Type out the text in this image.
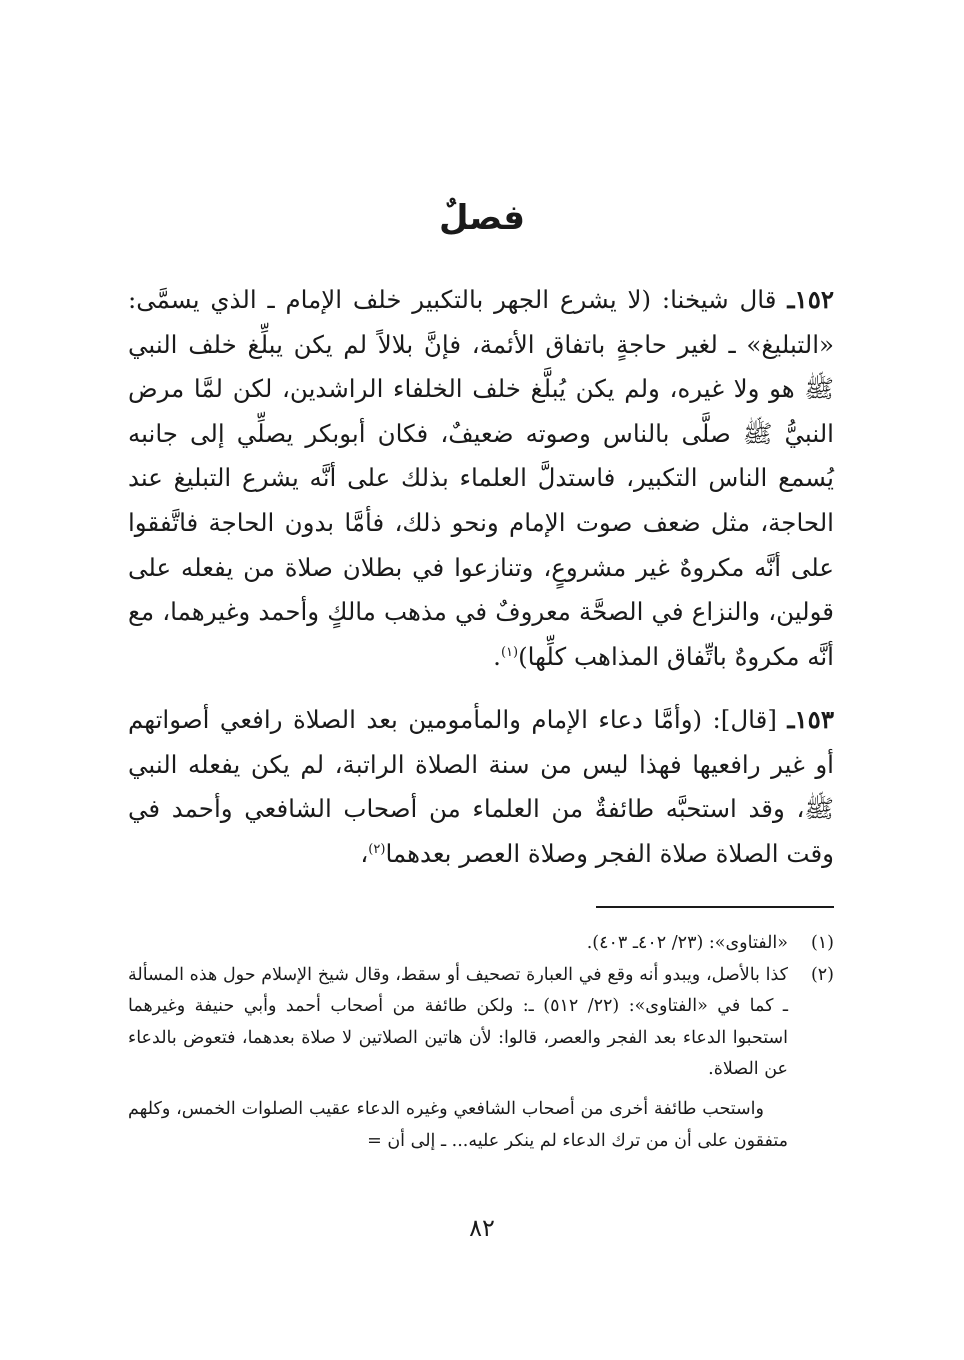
فصلٌ

١٥٢ـ قال شيخنا: (لا يشرع الجهر بالتكبير خلف الإمام ـ الذي يسمَّى: «التبليغ» ـ لغير حاجةٍ باتفاق الأئمة، فإنَّ بلالاً لم يكن يبلِّغ خلف النبي ﷺ هو ولا غيره، ولم يكن يُبلَّغ خلف الخلفاء الراشدين، لكن لمَّا مرض النبيُّ ﷺ صلَّى بالناس وصوته ضعيفٌ، فكان أبوبكر يصلِّي إلى جانبه يُسمع الناس التكبير، فاستدلَّ العلماء بذلك على أنَّه يشرع التبليغ عند الحاجة، مثل ضعف صوت الإمام ونحو ذلك، فأمَّا بدون الحاجة فاتَّفقوا على أنَّه مكروهٌ غير مشروعٍ، وتنازعوا في بطلان صلاة من يفعله على قولين، والنزاع في الصحَّة معروفٌ في مذهب مالكٍ وأحمد وغيرهما، مع أنَّه مكروهٌ باتِّفاق المذاهب كلِّها)$^{(١)}$.

١٥٣ـ [قال]: (وأمَّا دعاء الإمام والمأمومين بعد الصلاة رافعي أصواتهم أو غير رافعيها فهذا ليس من سنة الصلاة الراتبة، لم يكن يفعله النبي ﷺ، وقد استحبَّه طائفةٌ من العلماء من أصحاب الشافعي وأحمد في وقت الصلاة صلاة الفجر وصلاة العصر بعدهما$^{(٢)}$،

(١)
«الفتاوى»: (٢٣/ ٤٠٢ـ ٤٠٣).
(٢)
كذا بالأصل، ويبدو أنه وقع في العبارة تصحيف أو سقط، وقال شيخ الإسلام حول هذه المسألة ـ كما في «الفتاوى»: (٢٢/ ٥١٢) ـ: ولكن طائفة من أصحاب أحمد وأبي حنيفة وغيرهما استحبوا الدعاء بعد الفجر والعصر، قالوا: لأن هاتين الصلاتين لا صلاة بعدهما، فتعوض بالدعاء عن الصلاة.
واستحب طائفة أخرى من أصحاب الشافعي وغيره الدعاء عقيب الصلوات الخمس، وكلهم متفقون على أن من ترك الدعاء لم ينكر عليه... ـ إلى أن =
٨٢
